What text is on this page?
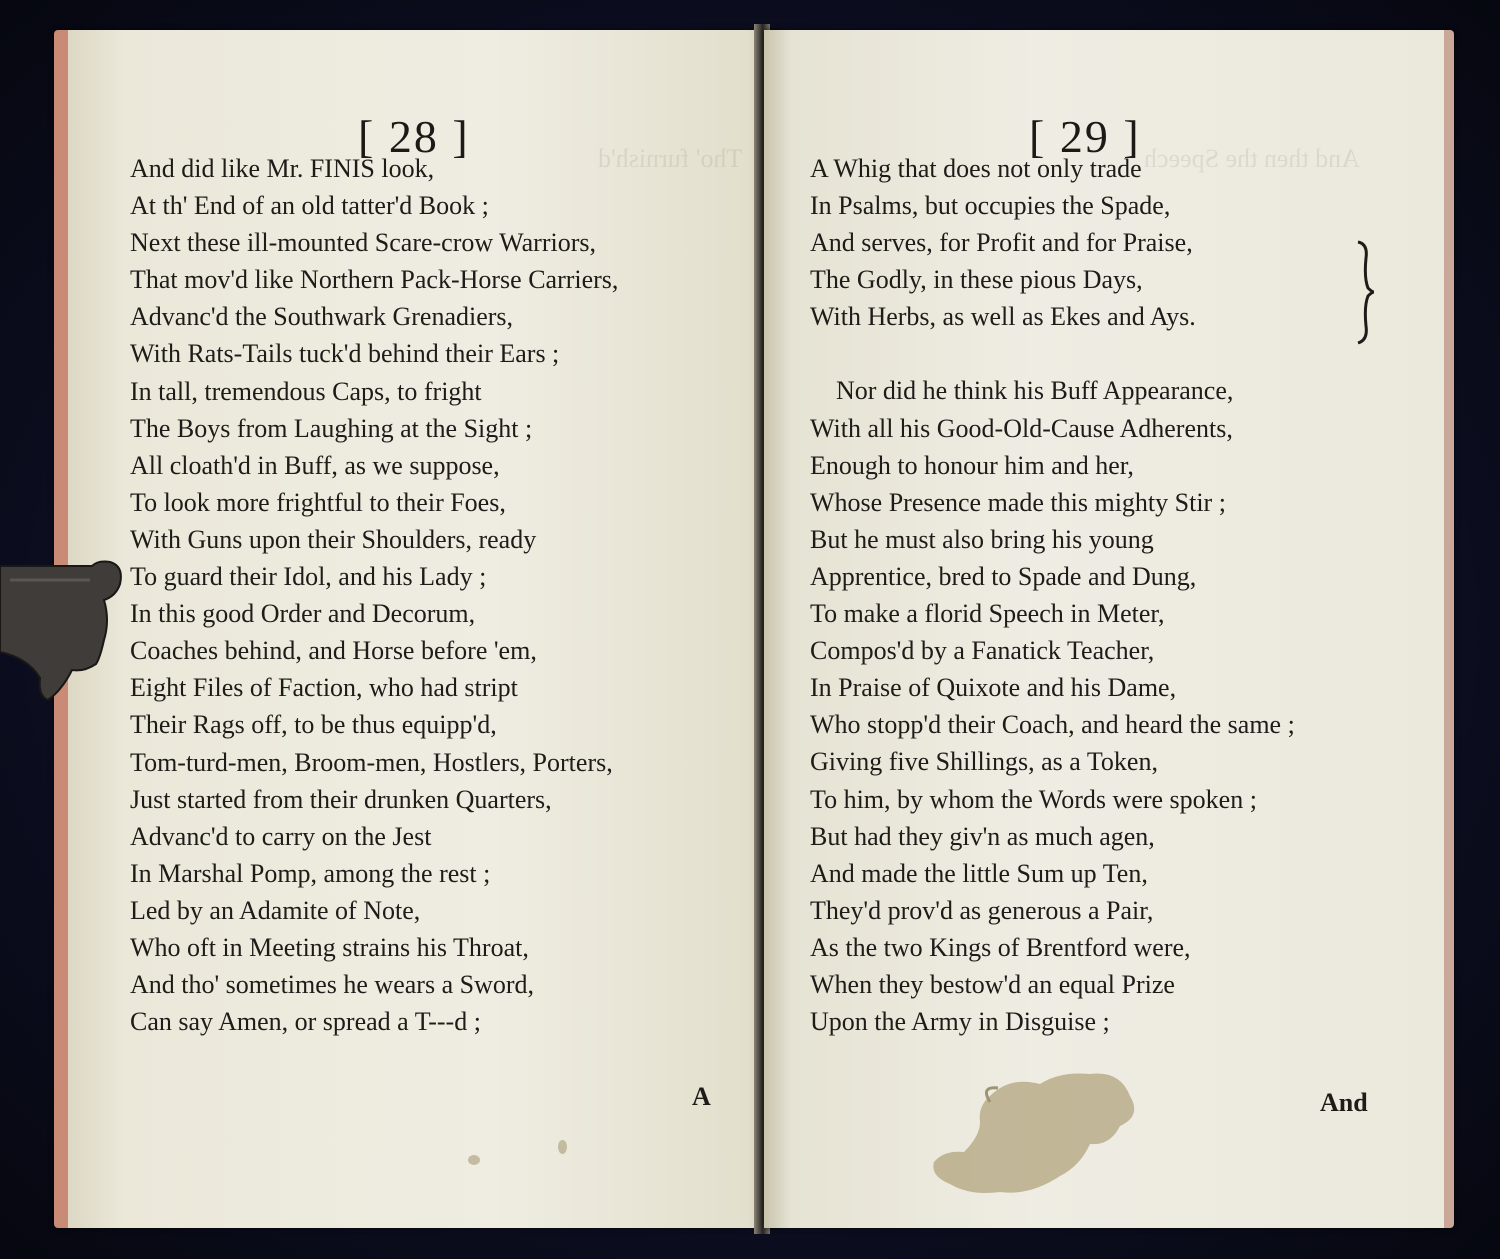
Tho' furnish'd
[ 28 ]
And did like Mr. FINIS look,
At th' End of an old tatter'd Book ;
Next these ill-mounted Scare-crow Warriors,
That mov'd like Northern Pack-Horse Carriers,
Advanc'd the Southwark Grenadiers,
With Rats-Tails tuck'd behind their Ears ;
In tall, tremendous Caps, to fright
The Boys from Laughing at the Sight ;
All cloath'd in Buff, as we suppose,
To look more frightful to their Foes,
With Guns upon their Shoulders, ready
To guard their Idol, and his Lady ;
In this good Order and Decorum,
Coaches behind, and Horse before 'em,
Eight Files of Faction, who had stript
Their Rags off, to be thus equipp'd,
Tom-turd-men, Broom-men, Hostlers, Porters,
Just started from their drunken Quarters,
Advanc'd to carry on the Jest
In Marshal Pomp, among the rest ;
Led by an Adamite of Note,
Who oft in Meeting strains his Throat,
And tho' sometimes he wears a Sword,
Can say Amen, or spread a T---d ;
A
And then the Speech
[ 29 ]
A Whig that does not only trade
In Psalms, but occupies the Spade,
And serves, for Profit and for Praise,
The Godly, in these pious Days,
With Herbs, as well as Ekes and Ays.
Nor did he think his Buff Appearance,
With all his Good-Old-Cause Adherents,
Enough to honour him and her,
Whose Presence made this mighty Stir ;
But he must also bring his young
Apprentice, bred to Spade and Dung,
To make a florid Speech in Meter,
Compos'd by a Fanatick Teacher,
In Praise of Quixote and his Dame,
Who stopp'd their Coach, and heard the same ;
Giving five Shillings, as a Token,
To him, by whom the Words were spoken ;
But had they giv'n as much agen,
And made the little Sum up Ten,
They'd prov'd as generous a Pair,
As the two Kings of Brentford were,
When they bestow'd an equal Prize
Upon the Army in Disguise ;
And
